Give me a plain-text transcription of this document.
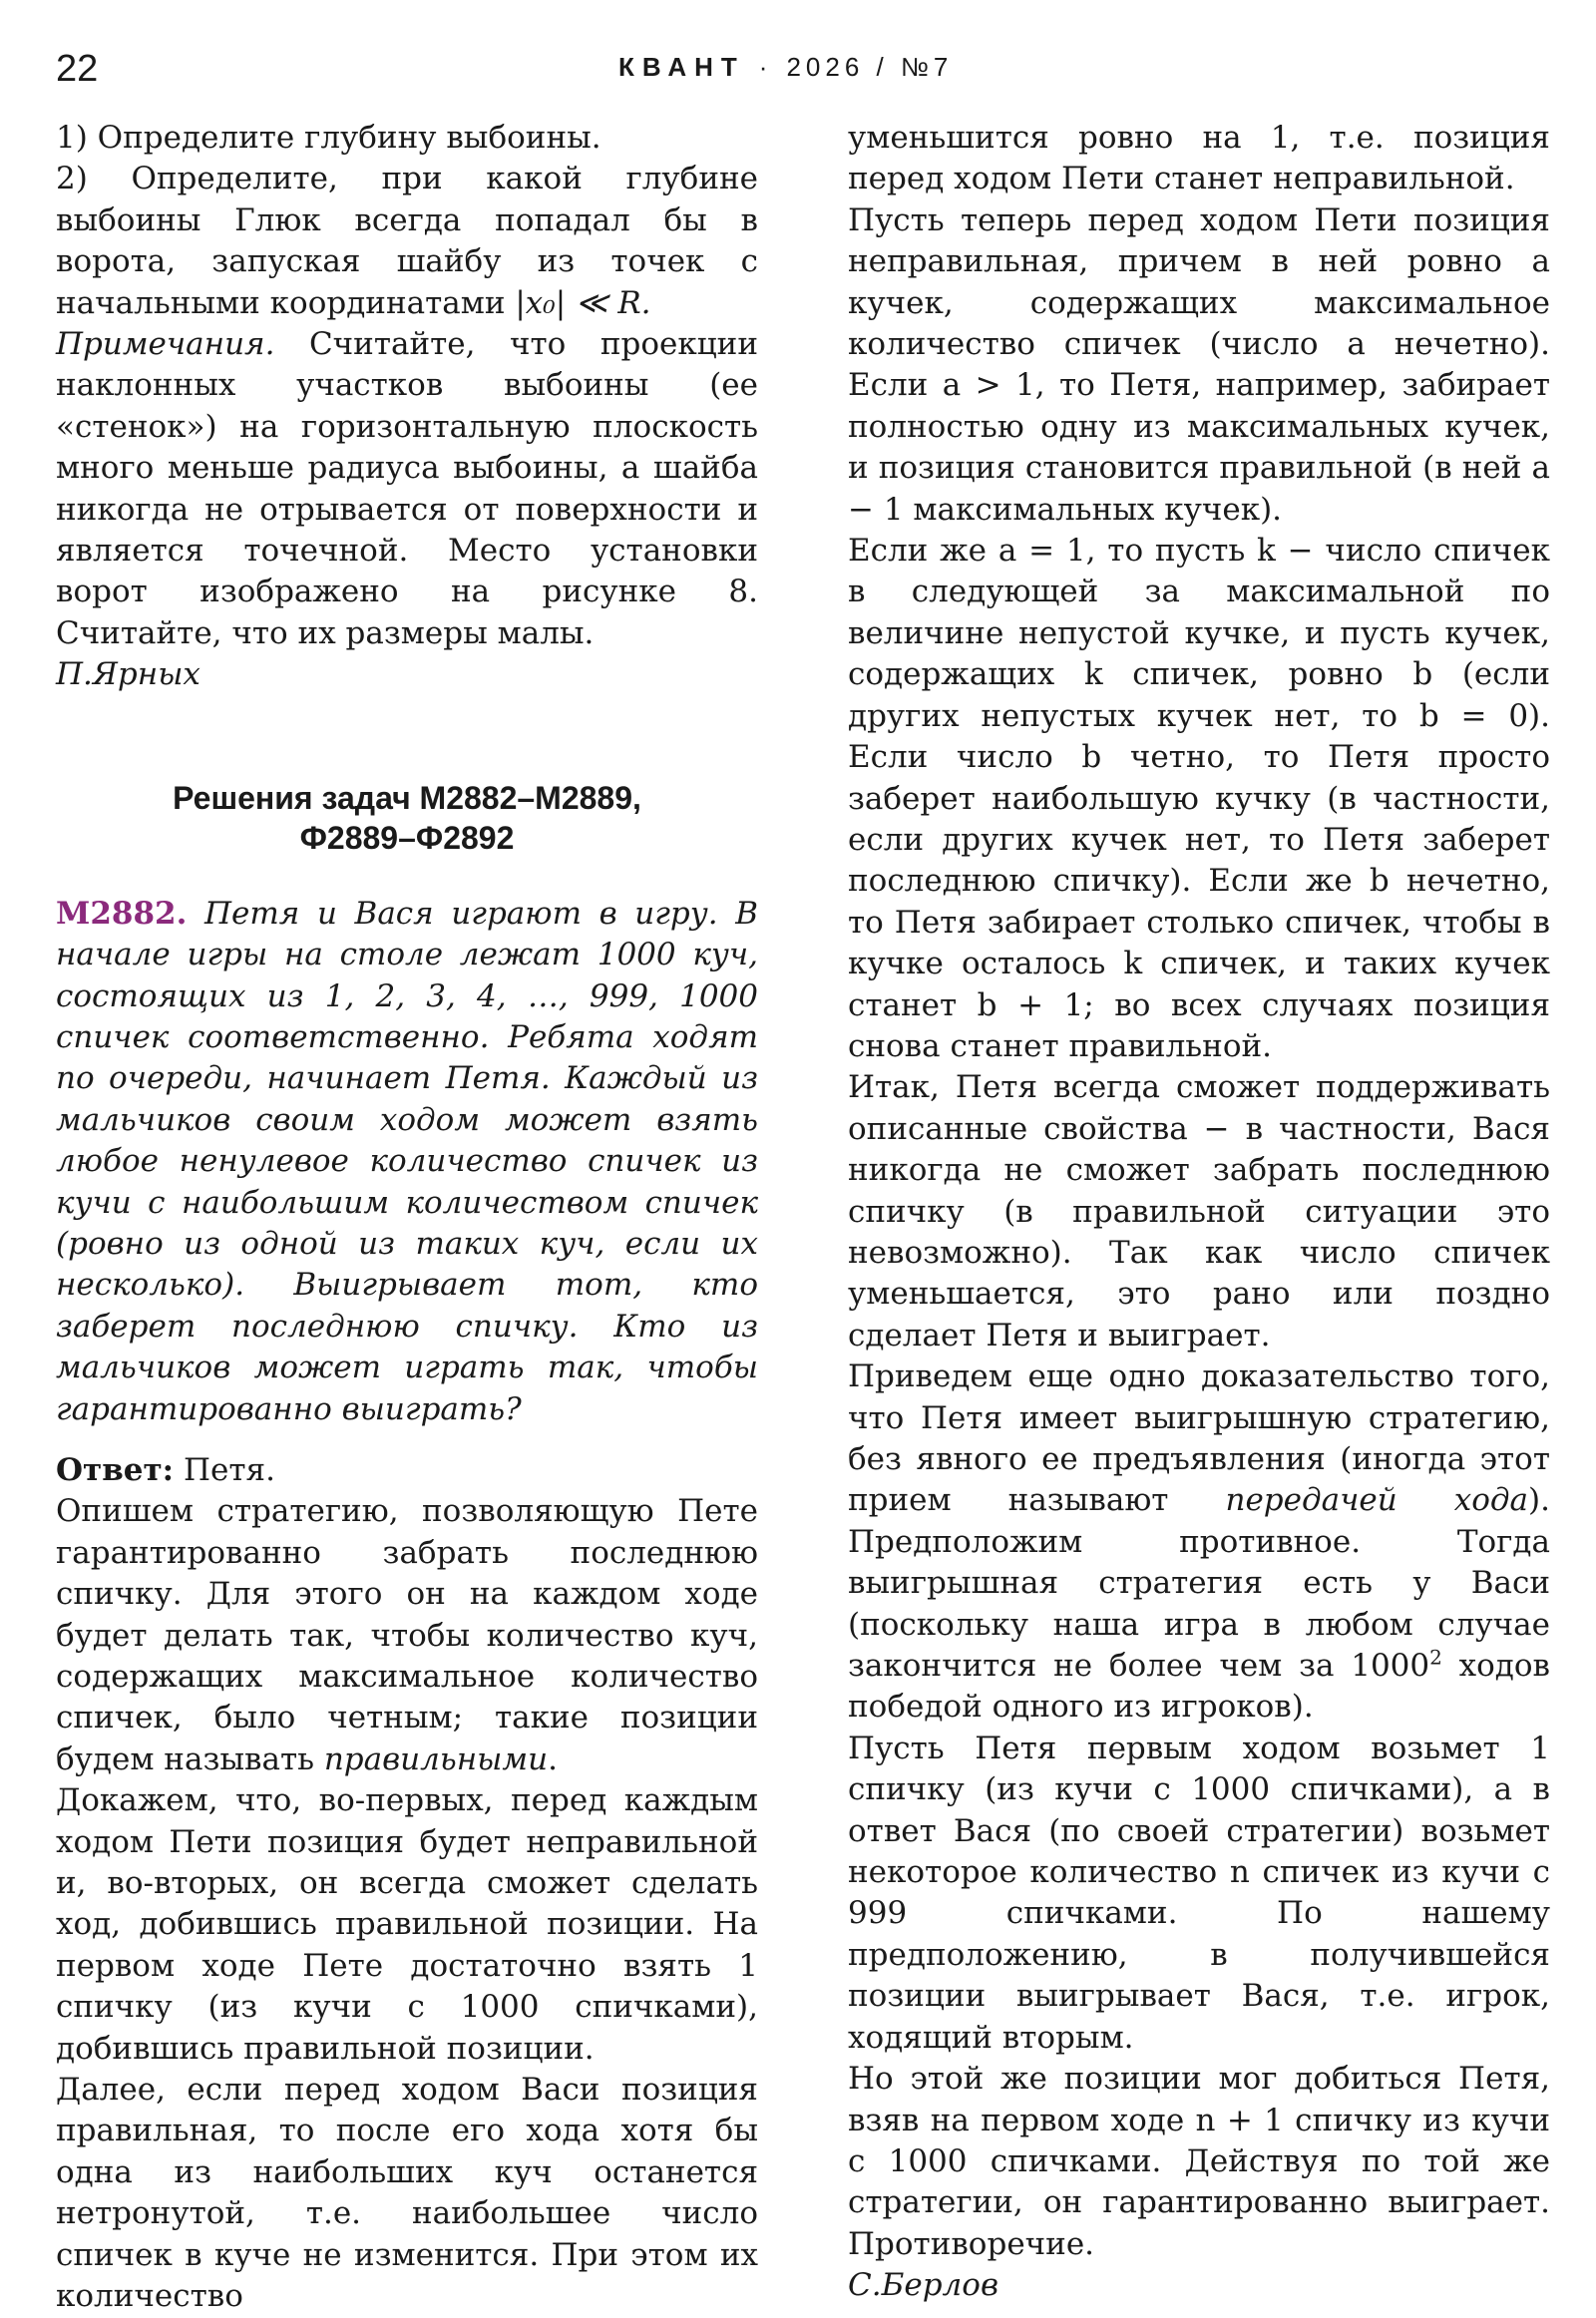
22	КВАНТ · 2026 / №7

1) Определите глубину выбоины.

2) Определите, при какой глубине выбоины Глюк всегда попадал бы в ворота, запуская шайбу из точек с начальными координатами |x₀| ≪ R.

Примечания. Считайте, что проекции наклонных участков выбоины (ее «стенок») на горизонтальную плоскость много меньше радиуса выбоины, а шайба никогда не отрывается от поверхности и является точечной. Место установки ворот изображено на рисунке 8. Считайте, что их размеры малы.

П.Ярных

Решения задач М2882–М2889,
Ф2889–Ф2892

М2882. Петя и Вася играют в игру. В начале игры на столе лежат 1000 куч, состоящих из 1, 2, 3, 4, …, 999, 1000 спичек соответственно. Ребята ходят по очереди, начинает Петя. Каждый из мальчиков своим ходом может взять любое ненулевое количество спичек из кучи с наибольшим количеством спичек (ровно из одной из таких куч, если их несколько). Выигрывает тот, кто заберет последнюю спичку. Кто из мальчиков может играть так, чтобы гарантированно выиграть?

Ответ: Петя.

Опишем стратегию, позволяющую Пете гарантированно забрать последнюю спичку. Для этого он на каждом ходе будет делать так, чтобы количество куч, содержащих максимальное количество спичек, было четным; такие позиции будем называть правильными.

Докажем, что, во-первых, перед каждым ходом Пети позиция будет неправильной и, во-вторых, он всегда сможет сделать ход, добившись правильной позиции. На первом ходе Пете достаточно взять 1 спичку (из кучи с 1000 спичками), добившись правильной позиции.

Далее, если перед ходом Васи позиция правильная, то после его хода хотя бы одна из наибольших куч останется нетронутой, т.е. наибольшее число спичек в куче не изменится. При этом их количество

уменьшится ровно на 1, т.е. позиция перед ходом Пети станет неправильной.

Пусть теперь перед ходом Пети позиция неправильная, причем в ней ровно a кучек, содержащих максимальное количество спичек (число a нечетно). Если a > 1, то Петя, например, забирает полностью одну из максимальных кучек, и позиция становится правильной (в ней a − 1 максимальных кучек).

Если же a = 1, то пусть k − число спичек в следующей за максимальной по величине непустой кучке, и пусть кучек, содержащих k спичек, ровно b (если других непустых кучек нет, то b = 0). Если число b четно, то Петя просто заберет наибольшую кучку (в частности, если других кучек нет, то Петя заберет последнюю спичку). Если же b нечетно, то Петя забирает столько спичек, чтобы в кучке осталось k спичек, и таких кучек станет b + 1; во всех случаях позиция снова станет правильной.

Итак, Петя всегда сможет поддерживать описанные свойства − в частности, Вася никогда не сможет забрать последнюю спичку (в правильной ситуации это невозможно). Так как число спичек уменьшается, это рано или поздно сделает Петя и выиграет.

Приведем еще одно доказательство того, что Петя имеет выигрышную стратегию, без явного ее предъявления (иногда этот прием называют передачей хода). Предположим противное. Тогда выигрышная стратегия есть у Васи (поскольку наша игра в любом случае закончится не более чем за 1000$^2$ ходов победой одного из игроков).

Пусть Петя первым ходом возьмет 1 спичку (из кучи с 1000 спичками), а в ответ Вася (по своей стратегии) возьмет некоторое количество n спичек из кучи с 999 спичками. По нашему предположению, в получившейся позиции выигрывает Вася, т.е. игрок, ходящий вторым.

Но этой же позиции мог добиться Петя, взяв на первом ходе n + 1 спичку из кучи с 1000 спичками. Действуя по той же стратегии, он гарантированно выиграет. Противоречие.

С.Берлов
